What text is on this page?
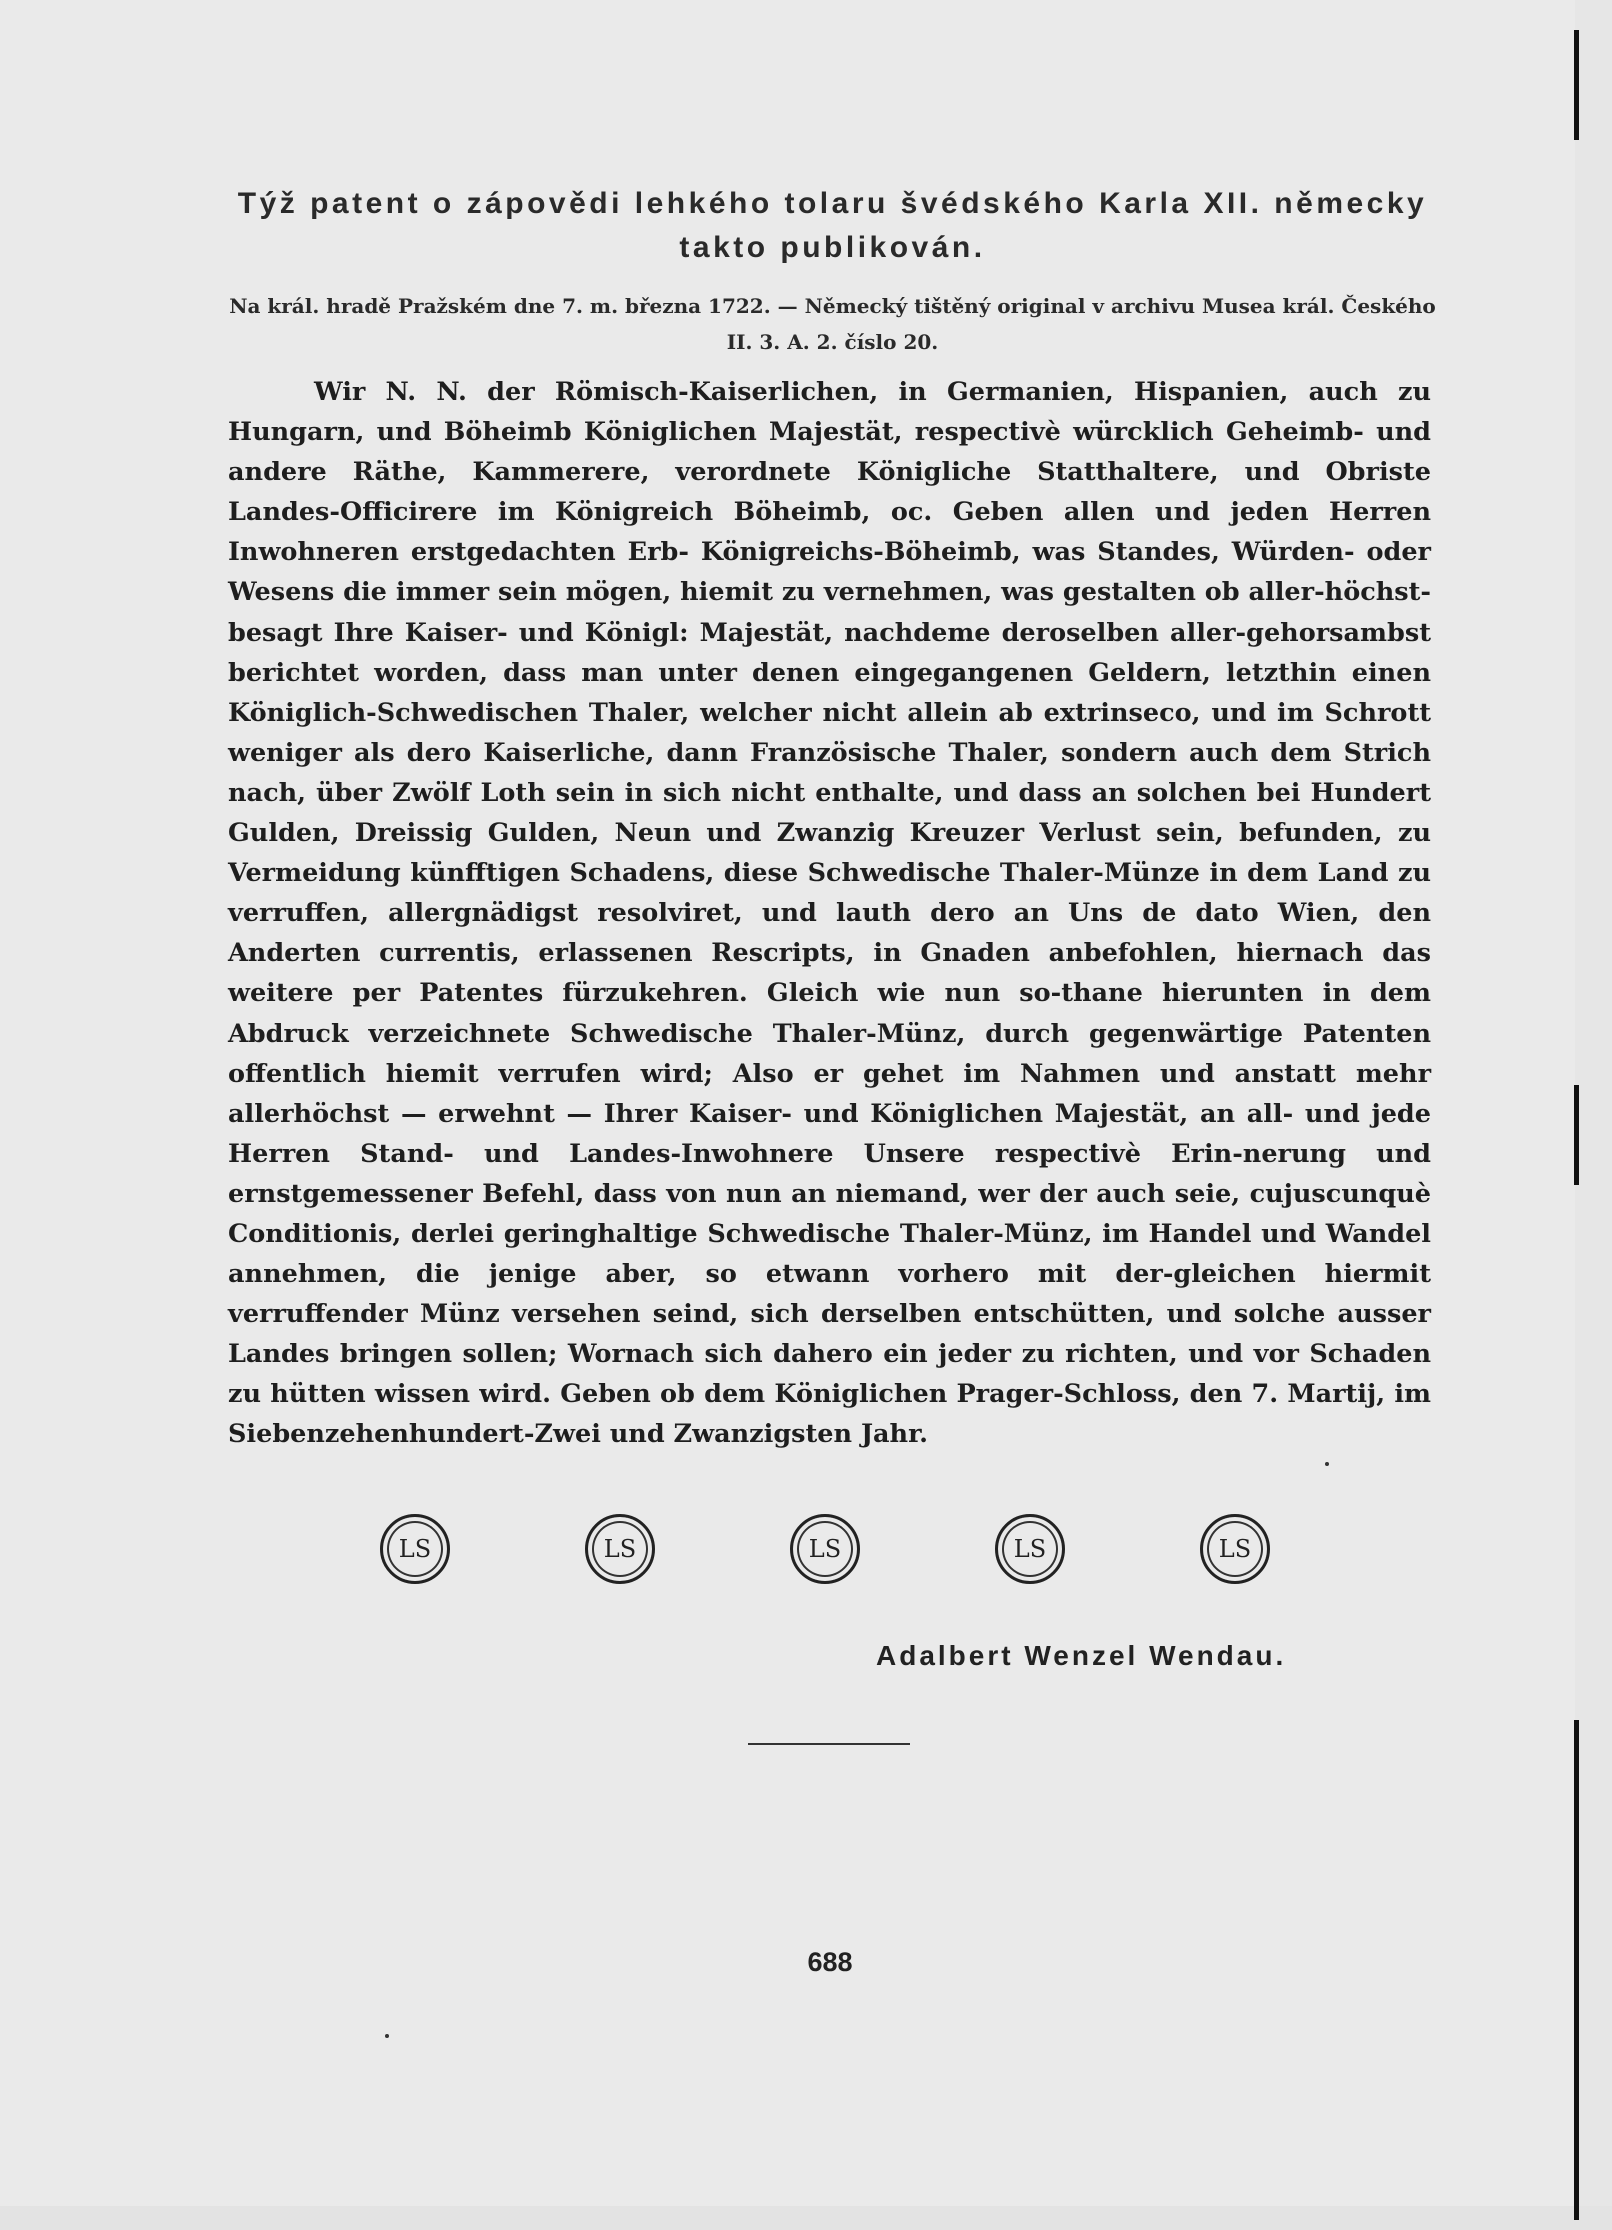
Týž patent o zápovědi lehkého tolaru švédského Karla XII. německy takto publikován.
Na král. hradě Pražském dne 7. m. března 1722. — Německý tištěný original v archivu Musea král. Českého II. 3. A. 2. číslo 20.

Wir N. N. der Römisch-Kaiserlichen, in Germanien, Hispanien, auch zu Hungarn, und Böheimb Königlichen Majestät, respectivè würcklich Geheimb- und andere Räthe, Kammerere, verordnete Königliche Statthaltere, und Obriste Landes-Officirere im Königreich Böheimb, oc. Geben allen und jeden Herren Inwohneren erstgedachten Erb- Königreichs-Böheimb, was Standes, Würden- oder Wesens die immer sein mögen, hiemit zu vernehmen, was gestalten ob aller-höchst-besagt Ihre Kaiser- und Königl: Majestät, nachdeme deroselben aller-gehorsambst berichtet worden, dass man unter denen eingegangenen Geldern, letzthin einen Königlich-Schwedischen Thaler, welcher nicht allein ab extrinseco, und im Schrott weniger als dero Kaiserliche, dann Französische Thaler, sondern auch dem Strich nach, über Zwölf Loth sein in sich nicht enthalte, und dass an solchen bei Hundert Gulden, Dreissig Gulden, Neun und Zwanzig Kreuzer Verlust sein, befunden, zu Vermeidung künfftigen Schadens, diese Schwedische Thaler-Münze in dem Land zu verruffen, allergnädigst resolviret, und lauth dero an Uns de dato Wien, den Anderten currentis, erlassenen Rescripts, in Gnaden anbefohlen, hiernach das weitere per Patentes fürzukehren. Gleich wie nun so-thane hierunten in dem Abdruck verzeichnete Schwedische Thaler-Münz, durch gegenwärtige Patenten offentlich hiemit verrufen wird; Also er gehet im Nahmen und anstatt mehr allerhöchst — erwehnt — Ihrer Kaiser- und Königlichen Majestät, an all- und jede Herren Stand- und Landes-Inwohnere Unsere respectivè Erin-nerung und ernstgemessener Befehl, dass von nun an niemand, wer der auch seie, cujuscunquè Conditionis, derlei geringhaltige Schwedische Thaler-Münz, im Handel und Wandel annehmen, die jenige aber, so etwann vorhero mit der-gleichen hiermit verruffender Münz versehen seind, sich derselben entschütten, und solche ausser Landes bringen sollen; Wornach sich dahero ein jeder zu richten, und vor Schaden zu hütten wissen wird. Geben ob dem Königlichen Prager-Schloss, den 7. Martij, im Siebenzehenhundert-Zwei und Zwanzigsten Jahr.

LS	LS	LS	LS	LS
Adalbert Wenzel Wendau.
688
